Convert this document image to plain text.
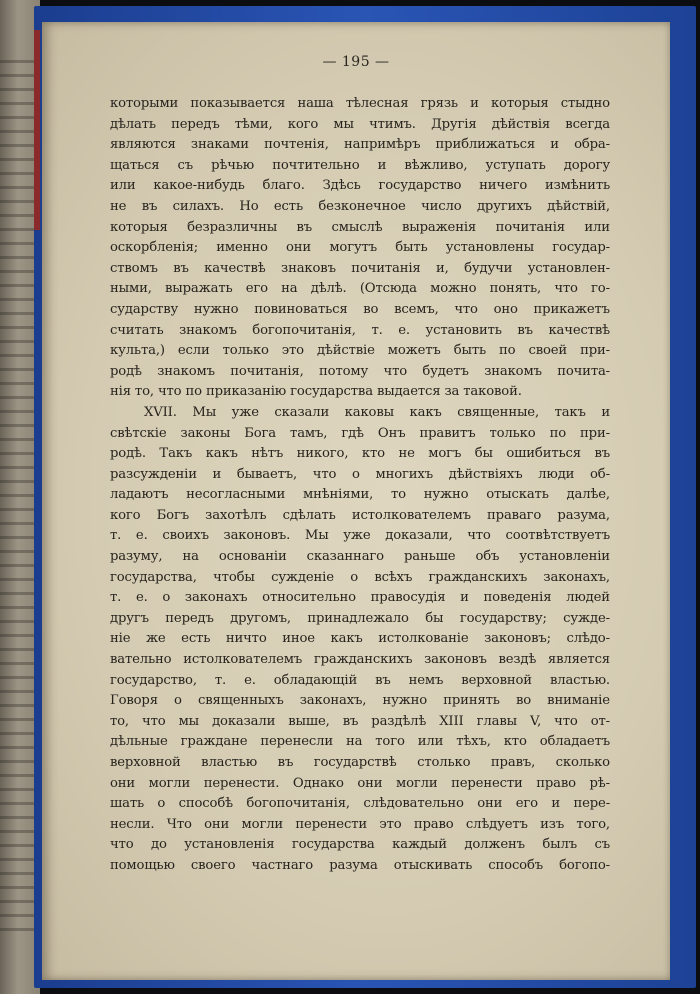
— 195 —
которыми показывается наша тѣлесная грязь и которыя стыдно
дѣлать передъ тѣми, кого мы чтимъ. Другія дѣйствія всегда
являются знаками почтенія, напримѣръ приближаться и обра-
щаться съ рѣчью почтительно и вѣжливо, уступать дорогу
или какое-нибудь благо. Здѣсь государство ничего измѣнить
не въ силахъ. Но есть безконечное число другихъ дѣйствій,
которыя безразличны въ смыслѣ выраженія почитанія или
оскорбленія; именно они могутъ быть установлены государ-
ствомъ въ качествѣ знаковъ почитанія и, будучи установлен-
ными, выражать его на дѣлѣ. (Отсюда можно понять, что го-
сударству нужно повиноваться во всемъ, что оно прикажетъ
считать знакомъ богопочитанія, т. е. установить въ качествѣ
культа,) если только это дѣйствіе можетъ быть по своей при-
родѣ знакомъ почитанія, потому что будетъ знакомъ почита-
нія то, что по приказанію государства выдается за таковой.
XVII. Мы уже сказали каковы какъ священные, такъ и
свѣтскіе законы Бога тамъ, гдѣ Онъ правитъ только по при-
родѣ. Такъ какъ нѣтъ никого, кто не могъ бы ошибиться въ
разсужденіи и бываетъ, что о многихъ дѣйствіяхъ люди об-
ладаютъ несогласными мнѣніями, то нужно отыскать далѣе,
кого Богъ захотѣлъ сдѣлать истолкователемъ праваго разума,
т. е. своихъ законовъ. Мы уже доказали, что соотвѣтствуетъ
разуму, на основаніи сказаннаго раньше объ установленіи
государства, чтобы сужденіе о всѣхъ гражданскихъ законахъ,
т. е. о законахъ относительно правосудія и поведенія людей
другъ передъ другомъ, принадлежало бы государству; сужде-
ніе же есть ничто иное какъ истолкованіе законовъ; слѣдо-
вательно истолкователемъ гражданскихъ законовъ вездѣ является
государство, т. е. обладающій въ немъ верховной властью.
Говоря о священныхъ законахъ, нужно принять во вниманіе
то, что мы доказали выше, въ раздѣлѣ XIII главы V, что от-
дѣльные граждане перенесли на того или тѣхъ, кто обладаетъ
верховной властью въ государствѣ столько правъ, сколько
они могли перенести. Однако они могли перенести право рѣ-
шать о способѣ богопочитанія, слѣдовательно они его и пере-
несли. Что они могли перенести это право слѣдуетъ изъ того,
что до установленія государства каждый долженъ былъ съ
помощью своего частнаго разума отыскивать способъ богопо-
